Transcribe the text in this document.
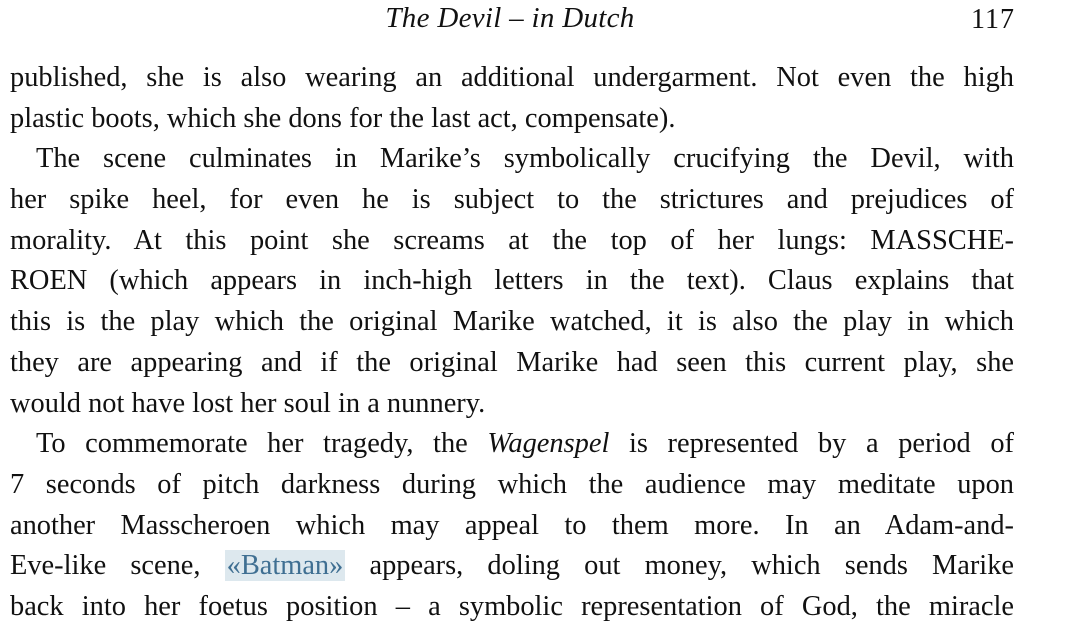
The Devil – in Dutch	117
published, she is also wearing an additional undergarment. Not even the high
plastic boots, which she dons for the last act, compensate).
The scene culminates in Marike’s symbolically crucifying the Devil, with
her spike heel, for even he is subject to the strictures and prejudices of
morality. At this point she screams at the top of her lungs: MASSCHE-
ROEN (which appears in inch-high letters in the text). Claus explains that
this is the play which the original Marike watched, it is also the play in which
they are appearing and if the original Marike had seen this current play, she
would not have lost her soul in a nunnery.
To commemorate her tragedy, the Wagenspel is represented by a period of
7 seconds of pitch darkness during which the audience may meditate upon
another Masscheroen which may appeal to them more. In an Adam-and-
Eve-like scene, «Batman» appears, doling out money, which sends Marike
back into her foetus position – a symbolic representation of God, the miracle
